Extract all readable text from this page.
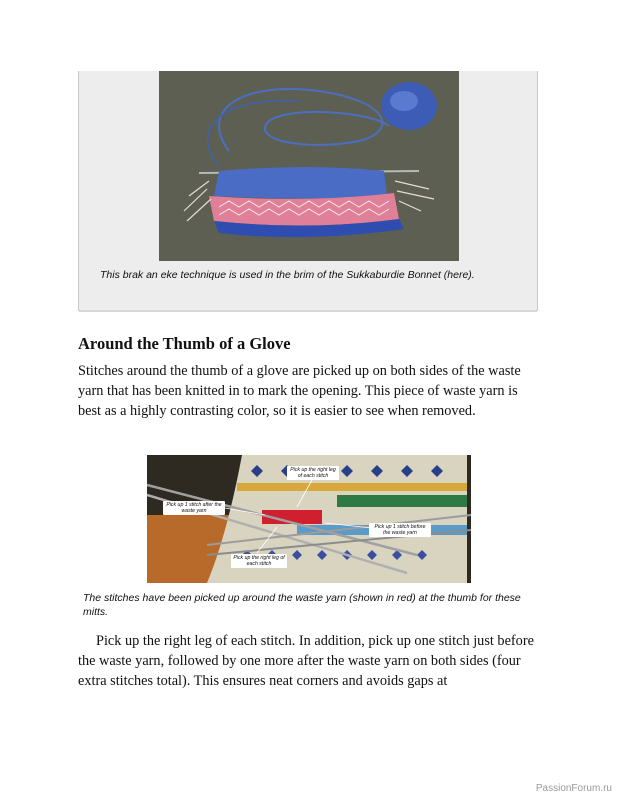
This brak an eke technique is used in the brim of the Sukkaburdie Bonnet (here).
Around the Thumb of a Glove

Stitches around the thumb of a glove are picked up on both sides of the waste yarn that has been knitted in to mark the opening. This piece of waste yarn is best as a highly contrasting color, so it is easier to see when removed.

Pick up the right leg of each stitch
Pick up 1 stitch after the waste yarn
Pick up 1 stitch before the waste yarn
Pick up the right leg of each stitch
The stitches have been picked up around the waste yarn (shown in red) at the thumb for these mitts.

Pick up the right leg of each stitch. In addition, pick up one stitch just before the waste yarn, followed by one more after the waste yarn on both sides (four extra stitches total). This ensures neat corners and avoids gaps at

PassionForum.ru
